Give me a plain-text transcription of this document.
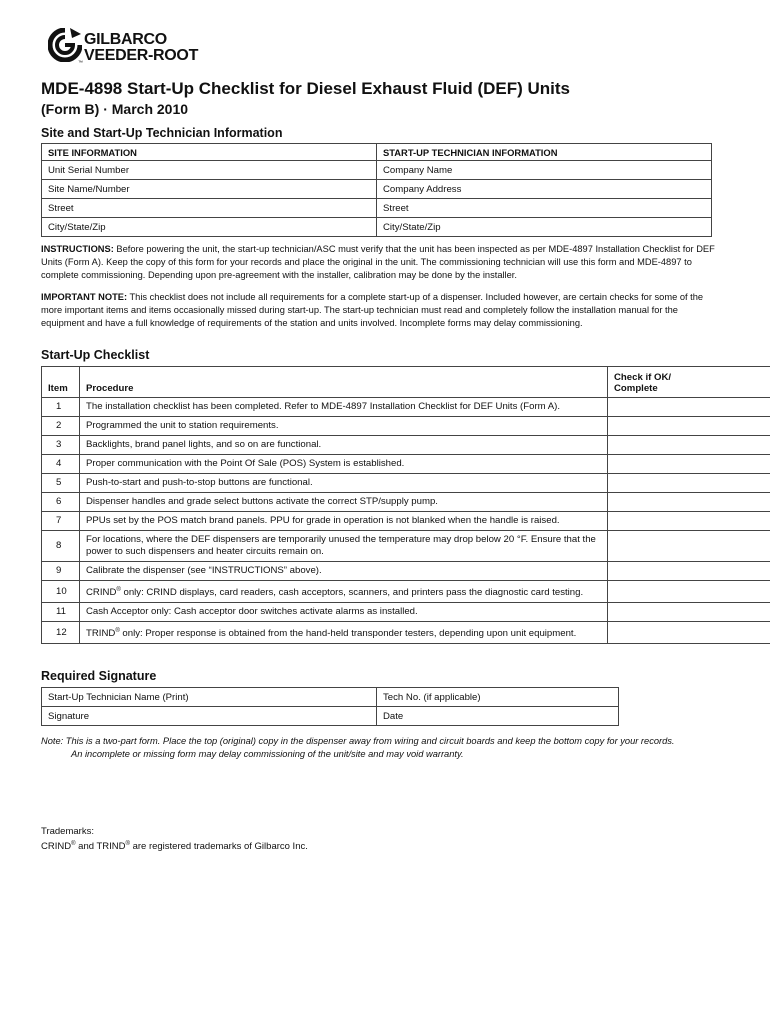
™
GILBARCO
VEEDER-ROOT
MDE-4898 Start-Up Checklist for Diesel Exhaust Fluid (DEF) Units
(Form B) · March 2010
Site and Start-Up Technician Information
SITE INFORMATION	START-UP TECHNICIAN INFORMATION
Unit Serial Number	Company Name
Site Name/Number	Company Address
Street	Street
City/State/Zip	City/State/Zip

INSTRUCTIONS: Before powering the unit, the start-up technician/ASC must verify that the unit has been inspected as per MDE-4897 Installation Checklist for DEF Units (Form A). Keep the copy of this form for your records and place the original in the unit. The commissioning technician will use this form and MDE-4897 to complete commissioning. Depending upon pre-agreement with the installer, calibration may be done by the installer.

IMPORTANT NOTE: This checklist does not include all requirements for a complete start-up of a dispenser. Included however, are certain checks for some of the more important items and items occasionally missed during start-up. The start-up technician must read and completely follow the installation manual for the equipment and have a full knowledge of requirements of the station and units involved. Incomplete forms may delay commissioning.

Start-Up Checklist
Item	Procedure	Check if OK/
Complete
1	The installation checklist has been completed. Refer to MDE-4897 Installation Checklist for DEF Units (Form A).	
2	Programmed the unit to station requirements.	
3	Backlights, brand panel lights, and so on are functional.	
4	Proper communication with the Point Of Sale (POS) System is established.	
5	Push-to-start and push-to-stop buttons are functional.	
6	Dispenser handles and grade select buttons activate the correct STP/supply pump.	
7	PPUs set by the POS match brand panels. PPU for grade in operation is not blanked when the handle is raised.	
8	For locations, where the DEF dispensers are temporarily unused the temperature may drop below 20 °F. Ensure that the power to such dispensers and heater circuits remain on.	
9	Calibrate the dispenser (see “INSTRUCTIONS” above).	
10	CRIND® only: CRIND displays, card readers, cash acceptors, scanners, and printers pass the diagnostic card testing.	
11	Cash Acceptor only: Cash acceptor door switches activate alarms as installed.	
12	TRIND® only: Proper response is obtained from the hand-held transponder testers, depending upon unit equipment.	
Required Signature
Start-Up Technician Name (Print)	Tech No. (if applicable)
Signature	Date

Note: This is a two-part form. Place the top (original) copy in the dispenser away from wiring and circuit boards and keep the bottom copy for your records.
An incomplete or missing form may delay commissioning of the unit/site and may void warranty.

Trademarks:
CRIND® and TRIND® are registered trademarks of Gilbarco Inc.
